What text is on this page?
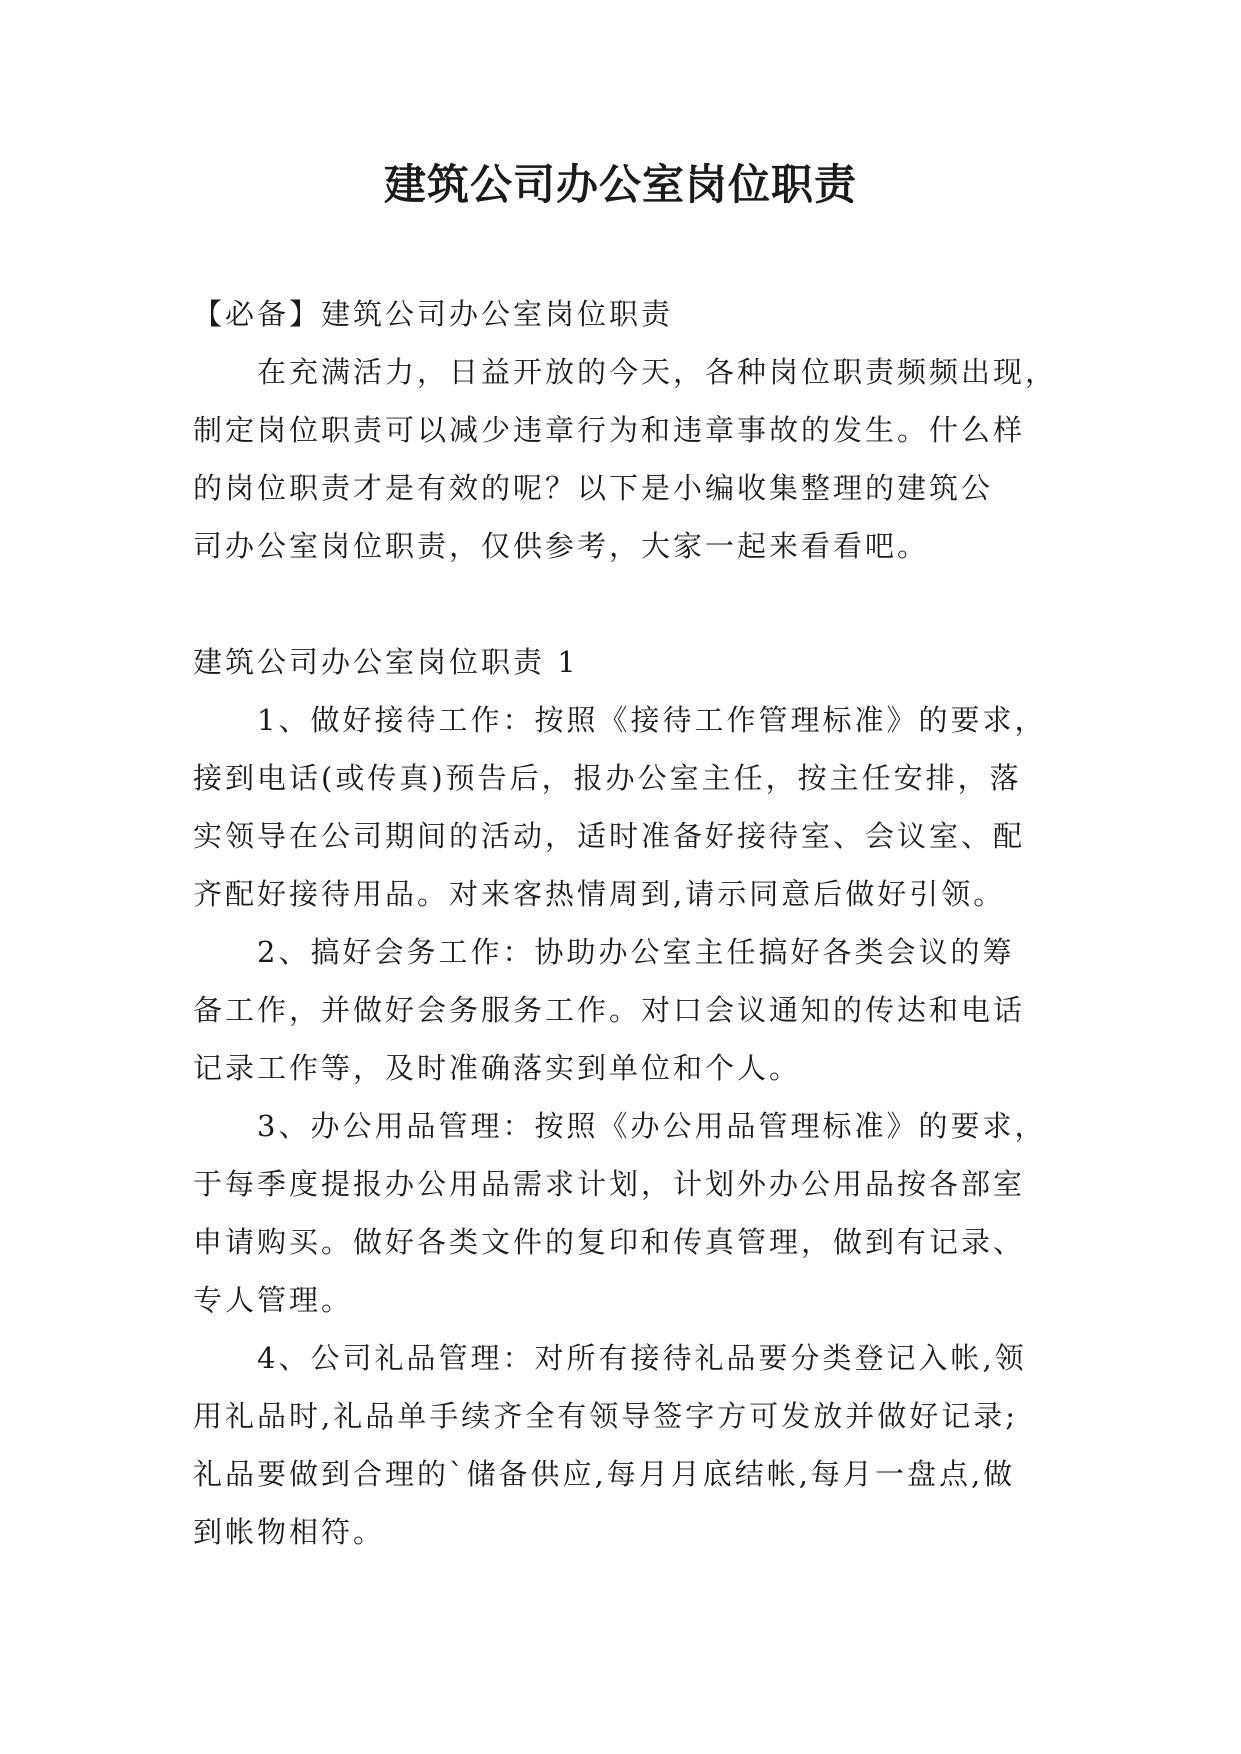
建筑公司办公室岗位职责

【必备】建筑公司办公室岗位职责

在充满活力，日益开放的今天，各种岗位职责频频出现，

制定岗位职责可以减少违章行为和违章事故的发生。什么样

的岗位职责才是有效的呢？以下是小编收集整理的建筑公

司办公室岗位职责，仅供参考，大家一起来看看吧。

建筑公司办公室岗位职责 1

1、做好接待工作：按照《接待工作管理标准》的要求，

接到电话(或传真)预告后，报办公室主任，按主任安排，落

实领导在公司期间的活动，适时准备好接待室、会议室、配

齐配好接待用品。对来客热情周到,请示同意后做好引领。

2、搞好会务工作：协助办公室主任搞好各类会议的筹

备工作，并做好会务服务工作。对口会议通知的传达和电话

记录工作等，及时准确落实到单位和个人。

3、办公用品管理：按照《办公用品管理标准》的要求，

于每季度提报办公用品需求计划，计划外办公用品按各部室

申请购买。做好各类文件的复印和传真管理，做到有记录、

专人管理。

4、公司礼品管理：对所有接待礼品要分类登记入帐,领

用礼品时,礼品单手续齐全有领导签字方可发放并做好记录;

礼品要做到合理的`储备供应,每月月底结帐,每月一盘点,做

到帐物相符。
